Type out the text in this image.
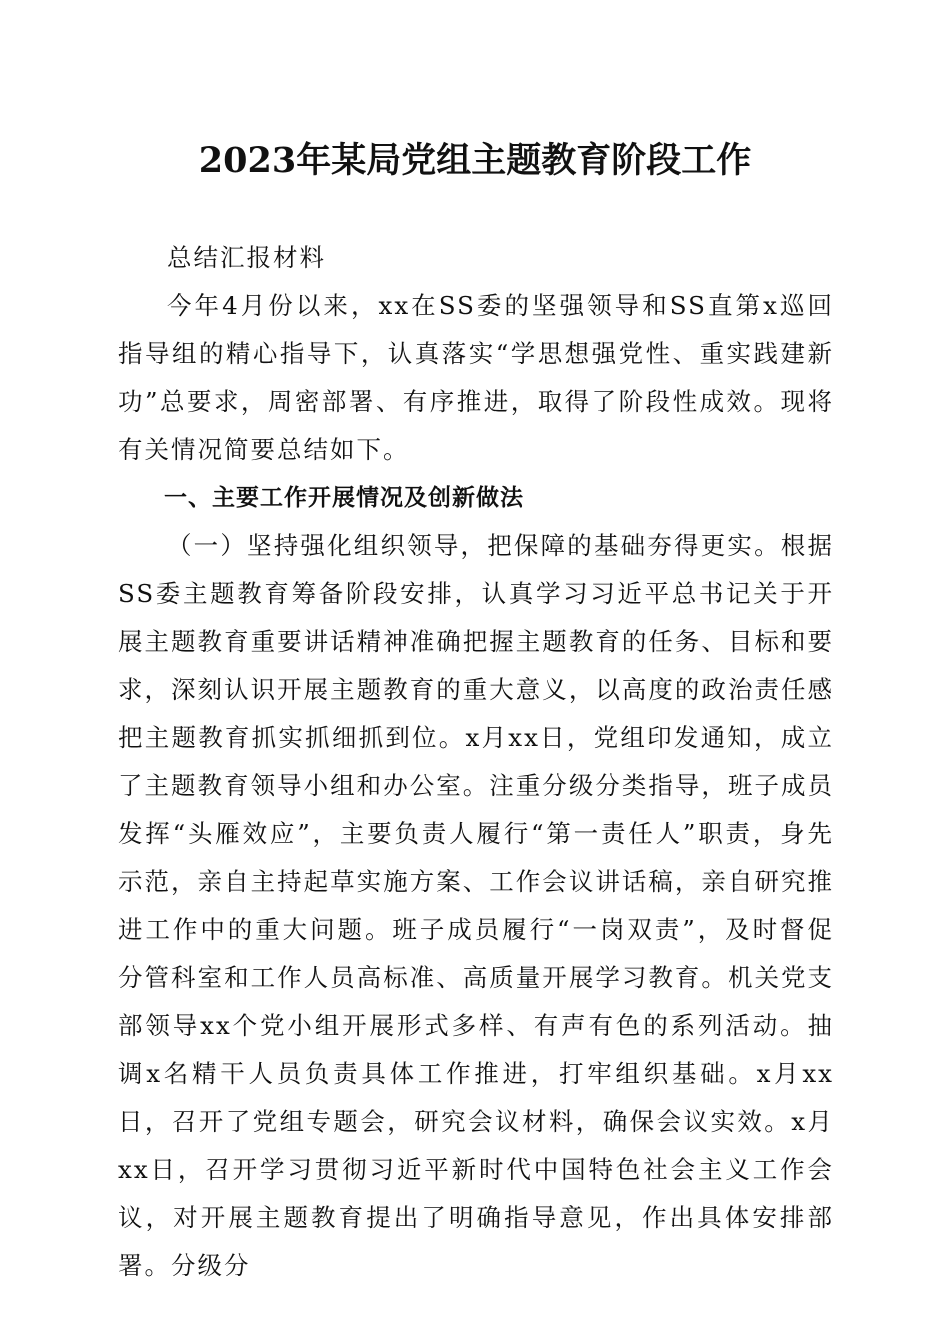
2023年某局党组主题教育阶段工作

总结汇报材料

今年4月份以来，xx在SS委的坚强领导和SS直第x巡回指导组的精心指导下，认真落实“学思想强党性、重实践建新功”总要求，周密部署、有序推进，取得了阶段性成效。现将有关情况简要总结如下。

一、主要工作开展情况及创新做法

（一）坚持强化组织领导，把保障的基础夯得更实。根据SS委主题教育筹备阶段安排，认真学习习近平总书记关于开展主题教育重要讲话精神准确把握主题教育的任务、目标和要求，深刻认识开展主题教育的重大意义，以高度的政治责任感把主题教育抓实抓细抓到位。x月xx日，党组印发通知，成立了主题教育领导小组和办公室。注重分级分类指导，班子成员发挥“头雁效应”，主要负责人履行“第一责任人”职责，身先示范，亲自主持起草实施方案、工作会议讲话稿，亲自研究推进工作中的重大问题。班子成员履行“一岗双责”，及时督促分管科室和工作人员高标准、高质量开展学习教育。机关党支部领导xx个党小组开展形式多样、有声有色的系列活动。抽调x名精干人员负责具体工作推进，打牢组织基础。x月xx日，召开了党组专题会，研究会议材料，确保会议实效。x月xx日，召开学习贯彻习近平新时代中国特色社会主义工作会议，对开展主题教育提出了明确指导意见，作出具体安排部署。分级分
